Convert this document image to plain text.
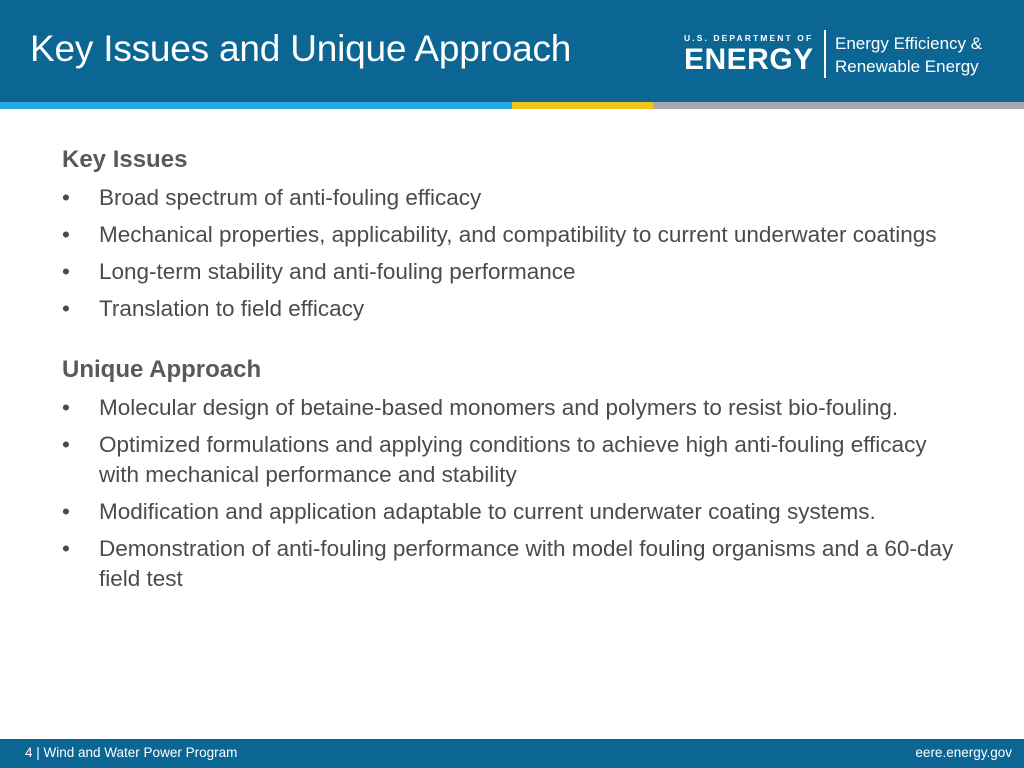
Key Issues and Unique Approach	U.S. DEPARTMENT OF
ENERGY Energy Efficiency &
Renewable Energy
Key Issues
• Broad spectrum of anti-fouling efficacy
• Mechanical properties, applicability, and compatibility to current underwater coatings
• Long-term stability and anti-fouling performance
• Translation to field efficacy
Unique Approach
• Molecular design of betaine-based monomers and polymers to resist bio-fouling.
• Optimized formulations and applying conditions to achieve high anti-fouling efficacy with mechanical performance and stability
• Modification and application adaptable to current underwater coating systems.
• Demonstration of anti-fouling performance with model fouling organisms and a 60-day field test
4 | Wind and Water Power Program	eere.energy.gov
